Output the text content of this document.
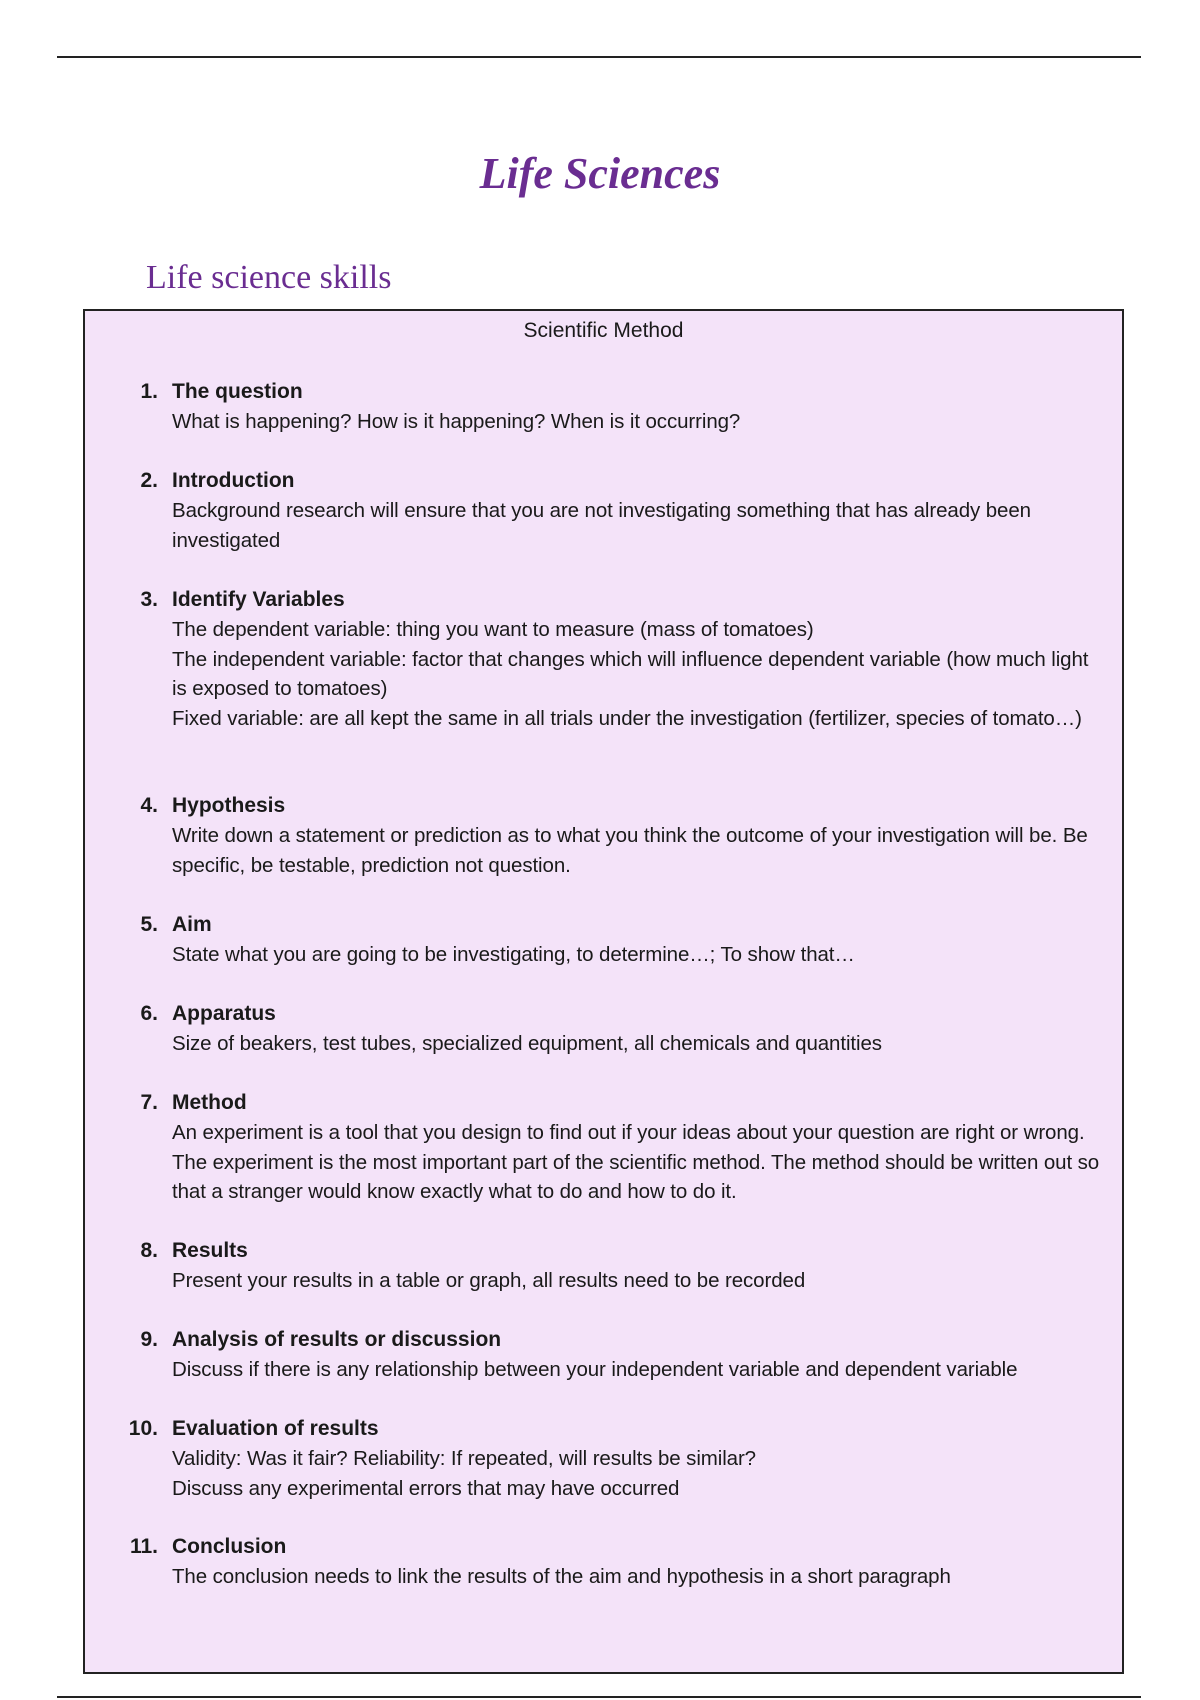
Life Sciences
Life science skills
Scientific Method
1. The question

What is happening? How is it happening? When is it occurring?

2. Introduction

Background research will ensure that you are not investigating something that has already been investigated

3. Identify Variables

The dependent variable: thing you want to measure (mass of tomatoes)

The independent variable: factor that changes which will influence dependent variable (how much light is exposed to tomatoes)

Fixed variable: are all kept the same in all trials under the investigation (fertilizer, species of tomato…)

4. Hypothesis

Write down a statement or prediction as to what you think the outcome of your investigation will be. Be specific, be testable, prediction not question.

5. Aim

State what you are going to be investigating, to determine…; To show that…

6. Apparatus

Size of beakers, test tubes, specialized equipment, all chemicals and quantities

7. Method

An experiment is a tool that you design to find out if your ideas about your question are right or wrong. The experiment is the most important part of the scientific method. The method should be written out so that a stranger would know exactly what to do and how to do it.

8. Results

Present your results in a table or graph, all results need to be recorded

9. Analysis of results or discussion

Discuss if there is any relationship between your independent variable and dependent variable

10. Evaluation of results

Validity: Was it fair? Reliability: If repeated, will results be similar?

Discuss any experimental errors that may have occurred

11. Conclusion

The conclusion needs to link the results of the aim and hypothesis in a short paragraph
